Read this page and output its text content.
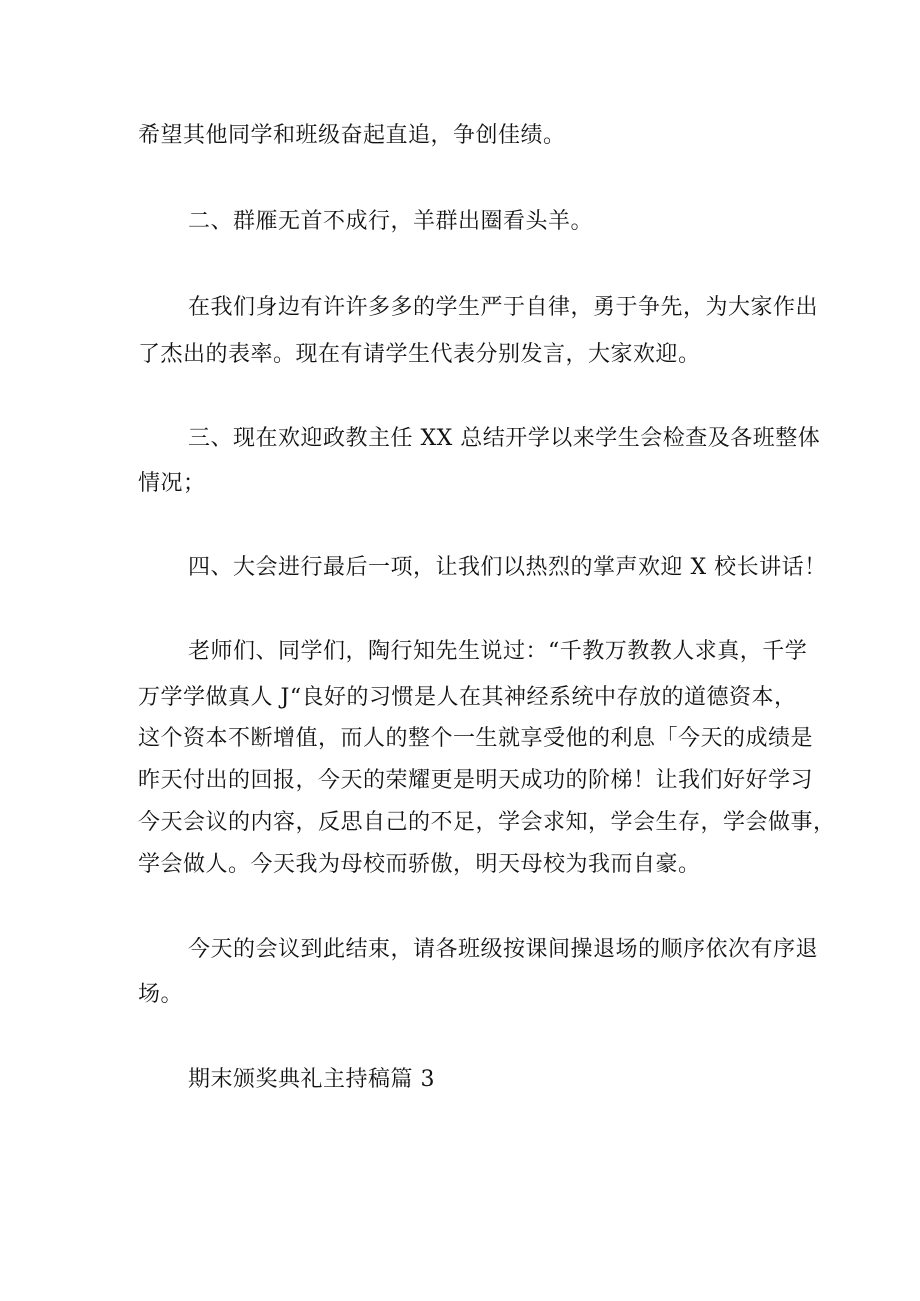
希望其他同学和班级奋起直追，争创佳绩。
二、群雁无首不成行，羊群出圈看头羊。
在我们身边有许许多多的学生严于自律，勇于争先，为大家作出
了杰出的表率。现在有请学生代表分别发言，大家欢迎。
三、现在欢迎政教主任 XX 总结开学以来学生会检查及各班整体
情况；
四、大会进行最后一项，让我们以热烈的掌声欢迎 X 校长讲话！
老师们、同学们，陶行知先生说过：“千教万教教人求真，千学
万学学做真人 J“良好的习惯是人在其神经系统中存放的道德资本，
这个资本不断增值，而人的整个一生就享受他的利息「今天的成绩是
昨天付出的回报，今天的荣耀更是明天成功的阶梯！让我们好好学习
今天会议的内容，反思自己的不足，学会求知，学会生存，学会做事，
学会做人。今天我为母校而骄傲，明天母校为我而自豪。
今天的会议到此结束，请各班级按课间操退场的顺序依次有序退
场。
期末颁奖典礼主持稿篇 3
